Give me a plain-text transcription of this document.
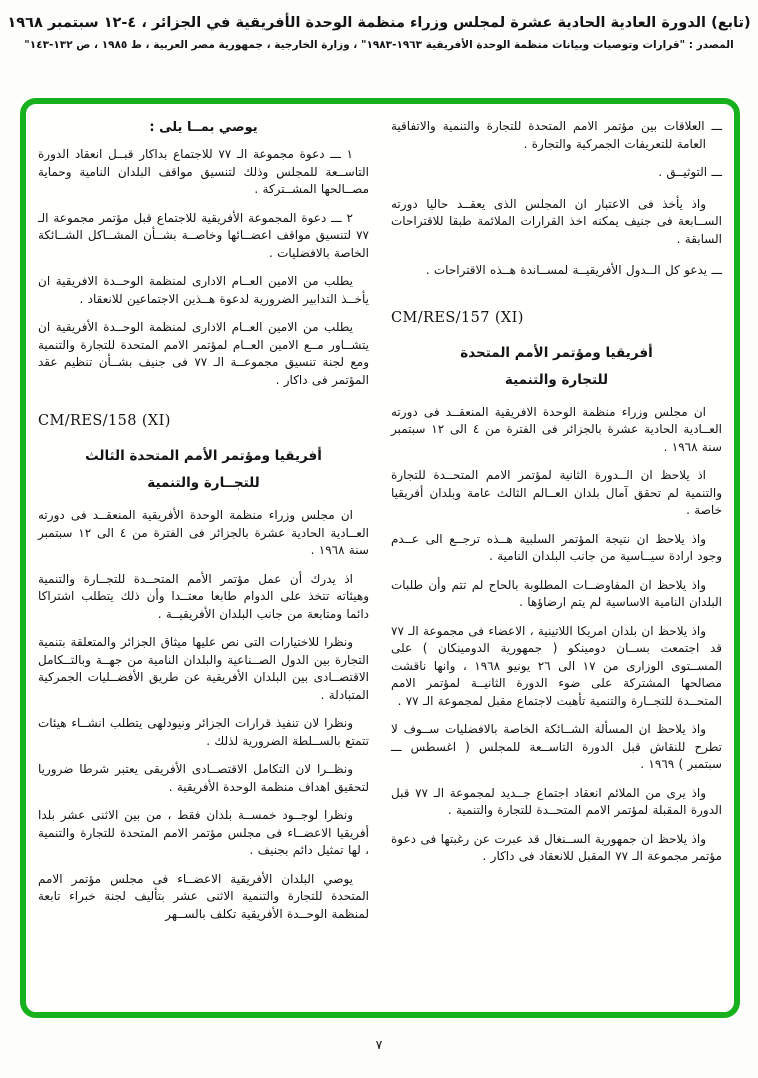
(تابع) الدورة العادية الحادية عشرة لمجلس وزراء منظمة الوحدة الأفريقية في الجزائر ، ٤-١٢ سبتمبر ١٩٦٨
المصدر : "قرارات وتوصيات وبيانات منظمة الوحدة الأفريقية ١٩٦٣-١٩٨٣" ، وزارة الخارجية ، جمهورية مصر العربية ، ط ١٩٨٥ ، ص ١٣٢-١٤٣"

ـــ العلاقات بين مؤتمر الامم المتحدة للتجارة والتنمية والاتفاقية العامة للتعريفات الجمركية والتجارة .

ـــ التوثيــق .

واذ يأخذ فى الاعتبار ان المجلس الذى يعقــد حاليا دورته الســابعة فى جنيف يمكنه اخذ القرارات الملائمة طبقا للاقتراحات السابقة .

ـــ يدعو كل الــدول الأفريقيــة لمســاندة هــذه الاقتراحات .

CM/RES/157 (XI)

أفريقيا ومؤتمر الأمم المتحدة
للتجارة والتنمية

ان مجلس وزراء منظمة الوحدة الافريقية المنعقــد فى دورته العــادية الحادية عشرة بالجزائر فى الفترة من ٤ الى ١٢ سبتمبر سنة ١٩٦٨ .

اذ يلاحظ ان الــدورة الثانية لمؤتمر الامم المتحــدة للتجارة والتنمية لم تحقق آمال بلدان العــالم الثالث عامة وبلدان أفريقيا خاصة .

واذ يلاحظ ان نتيجة المؤتمر السلبية هــذه ترجــع الى عــدم وجود ارادة سيــاسية من جانب البلدان النامية .

واذ يلاحظ ان المفاوضــات المطلوبة بالحاح لم تتم وأن طلبات البلدان النامية الاساسية لم يتم ارضاؤها .

واذ يلاحظ ان بلدان امريكا اللاتينية ، الاعضاء فى مجموعة الـ ٧٧ قد اجتمعت بســان دومينكو ( جمهورية الدومينكان ) على المســتوى الوزارى من ١٧ الى ٢٦ يونيو ١٩٦٨ ، وانها ناقشت مصالحها المشتركة على ضوء الدورة الثانيــة لمؤتمر الامم المتحــدة للتجــارة والتنمية تأهبت لاجتماع مقبل لمجموعة الـ ٧٧ .

واذ يلاحظ ان المسألة الشــائكة الخاصة بالافضليات ســوف لا تطرح للنقاش قبل الدورة التاســعة للمجلس ( اغسطس ـــ سبتمبر ) ١٩٦٩ .

واذ يرى من الملائم انعقاد اجتماع جــديد لمجموعة الـ ٧٧ قبل الدورة المقبلة لمؤتمر الامم المتحــدة للتجارة والتنمية .

واذ يلاحظ ان جمهورية الســنغال قد عبرت عن رغبتها فى دعوة مؤتمر مجموعة الـ ٧٧ المقبل للانعقاد فى داكار .

يوصي بمــا يلى :

١ ـــ دعوة مجموعة الـ ٧٧ للاجتماع بداكار قبــل انعقاد الدورة التاســعة للمجلس وذلك لتنسيق مواقف البلدان النامية وحماية مصــالحها المشــتركة .

٢ ـــ دعوة المجموعة الأفريقية للاجتماع قبل مؤتمر مجموعة الـ ٧٧ لتنسيق مواقف اعضــائها وخاصــة بشــأن المشــاكل الشــائكة الخاصة بالافضليات .

يطلب من الامين العــام الادارى لمنظمة الوحــدة الافريقية ان يأخــذ التدابير الضرورية لدعوة هــذين الاجتماعين للانعقاد .

يطلب من الامين العــام الادارى لمنظمة الوحــدة الأفريقية ان يتشــاور مــع الامين العــام لمؤتمر الامم المتحدة للتجارة والتنمية ومع لجنة تنسيق مجموعــة الـ ٧٧ فى جنيف بشــأن تنظيم عقد المؤتمر فى داكار .

CM/RES/158 (XI)

أفريقيا ومؤتمر الأمم المتحدة الثالث
للتجــارة والتنمية

ان مجلس وزراء منظمة الوحدة الأفريقية المنعقــد فى دورته العــادية الحادية عشرة بالجزائر فى الفترة من ٤ الى ١٢ سبتمبر سنة ١٩٦٨ .

اذ يدرك أن عمل مؤتمر الأمم المتحــدة للتجــارة والتنمية وهيئاته تتخذ على الدوام طابعا معتــدا وأن ذلك يتطلب اشتراكا دائما ومتابعة من جانب البلدان الأفريقيــة .

ونظرا للاختيارات التى نص عليها ميثاق الجزائر والمتعلقة بتنمية التجارة بين الدول الصــناعية والبلدان النامية من جهــة وبالتــكامل الاقتصــادى بين البلدان الأفريقية عن طريق الأفضــليات الجمركية المتبادلة .

ونظرا لان تنفيذ قرارات الجزائر ونيودلهى يتطلب انشــاء هيئات تتمتع بالســلطة الضرورية لذلك .

ونظــرا لان التكامل الاقتصــادى الأفريقى يعتبر شرطا ضروريا لتحقيق اهداف منظمة الوحدة الأفريقية .

ونظرا لوجــود خمســة بلدان فقط ، من بين الاثنى عشر بلدا أفريقيا الاعضــاء فى مجلس مؤتمر الامم المتحدة للتجارة والتنمية ، لها تمثيل دائم بجنيف .

يوصي البلدان الأفريقية الاعضــاء فى مجلس مؤتمر الامم المتحدة للتجارة والتنمية الاثنى عشر بتأليف لجنة خبراء تابعة لمنظمة الوحــدة الأفريقية تكلف بالســهر

٧
